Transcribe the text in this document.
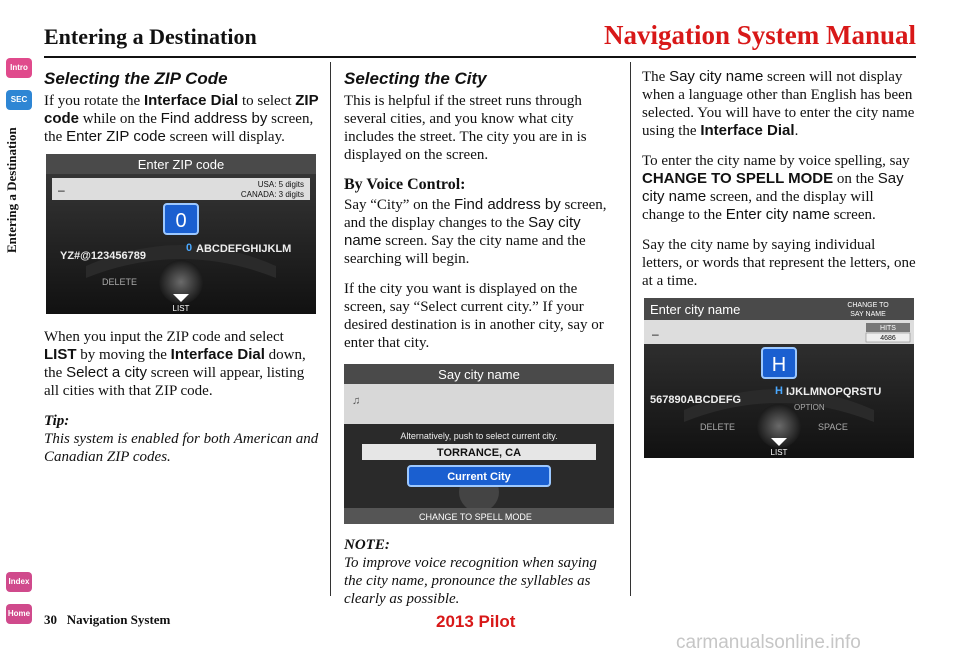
Entering a Destination	Navigation System Manual
Intro
SEC
Index
Home
Entering a Destination
Selecting the ZIP Code

If you rotate the Interface Dial to select ZIP code while on the Find address by screen, the Enter ZIP code screen will display.

Enter ZIP code
–	USA: 5 digits
CANADA: 3 digits
0
YZ#@123456789
0 ABCDEFGHIJKLM
DELETE
LIST

When you input the ZIP code and select LIST by moving the Interface Dial down, the Select a city screen will appear, listing all cities with that ZIP code.

Tip:
This system is enabled for both American and Canadian ZIP codes.
Selecting the City

This is helpful if the street runs through several cities, and you know what city includes the street. The city you are in is displayed on the screen.

By Voice Control:

Say “City” on the Find address by screen, and the display changes to the Say city name screen. Say the city name and the searching will begin.

If the city you want is displayed on the screen, say “Select current city.” If your desired destination is in another city, say or enter that city.

Say city name
♫
Alternatively, push to select current city.
TORRANCE, CA
Current City
CHANGE TO SPELL MODE
NOTE:
To improve voice recognition when saying the city name, pronounce the syllables as clearly as possible.

The Say city name screen will not display when a language other than English has been selected. You will have to enter the city name using the Interface Dial.

To enter the city name by voice spelling, say CHANGE TO SPELL MODE on the Say city name screen, and the display will change to the Enter city name screen.

Say the city name by saying individual letters, or words that represent the letters, one at a time.

Enter city name	CHANGE TO
SAY NAME
–	HITS
4686
H
567890ABCDEFG
H IJKLMNOPQRSTU
OPTION
DELETE	SPACE
LIST
30 Navigation System	2013 Pilot
carmanualsonline.info
